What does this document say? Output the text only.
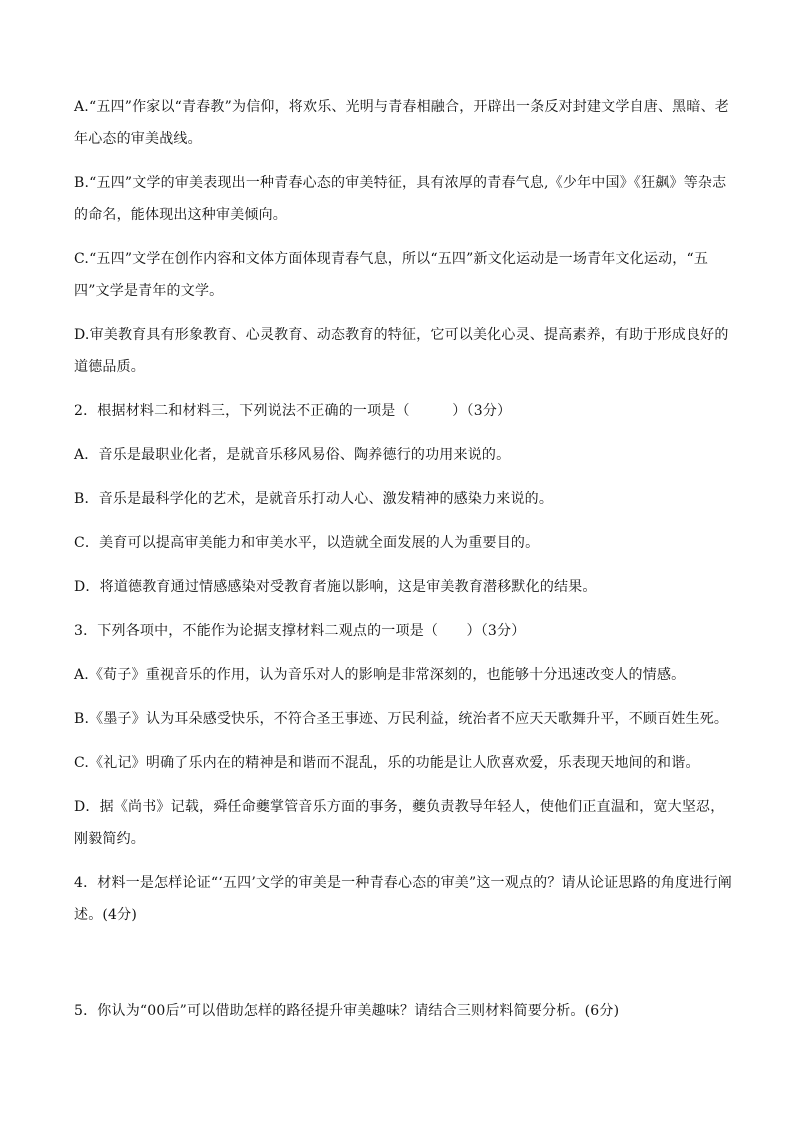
A.“五四”作家以“青春教”为信仰，将欢乐、光明与青春相融合，开辟出一条反对封建文学自唐、黑暗、老年心态的审美战线。

B.“五四”文学的审美表现出一种青春心态的审美特征，具有浓厚的青春气息,《少年中国》《狂飙》等杂志的命名，能体现出这种审美倾向。

C.“五四”文学在创作内容和文体方面体现青春气息，所以“五四”新文化运动是一场青年文化运动，“五四”文学是青年的文学。

D.审美教育具有形象教育、心灵教育、动态教育的特征，它可以美化心灵、提高素养，有助于形成良好的道德品质。

2．根据材料二和材料三，下列说法不正确的一项是（　　　）（3分）

A．音乐是最职业化者，是就音乐移风易俗、陶养德行的功用来说的。

B．音乐是最科学化的艺术，是就音乐打动人心、激发精神的感染力来说的。

C．美育可以提高审美能力和审美水平，以造就全面发展的人为重要目的。

D．将道德教育通过情感感染对受教育者施以影响，这是审美教育潜移默化的结果。

3．下列各项中，不能作为论据支撑材料二观点的一项是（　　）（3分）

A.《荀子》重视音乐的作用，认为音乐对人的影响是非常深刻的，也能够十分迅速改变人的情感。

B.《墨子》认为耳朵感受快乐，不符合圣王事迹、万民利益，统治者不应天天歌舞升平，不顾百姓生死。

C.《礼记》明确了乐内在的精神是和谐而不混乱，乐的功能是让人欣喜欢爱，乐表现天地间的和谐。

D．据《尚书》记载，舜任命夔掌管音乐方面的事务，夔负责教导年轻人，使他们正直温和，宽大坚忍，刚毅简约。

4．材料一是怎样论证“‘五四’文学的审美是一种青春心态的审美”这一观点的？请从论证思路的角度进行阐述。(4分)

5．你认为“00后”可以借助怎样的路径提升审美趣味？请结合三则材料简要分析。(6分)
